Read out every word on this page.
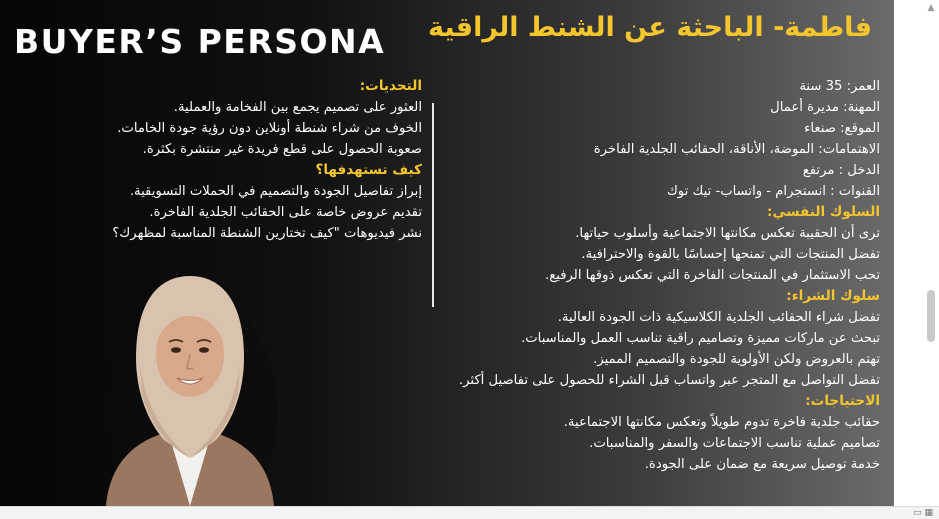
BUYER’S PERSONA فاطمة- الباحثة عن الشنط الراقية
التحديات:
العثور على تصميم يجمع بين الفخامة والعملية.
الخوف من شراء شنطة أونلاين دون رؤية جودة الخامات.
صعوبة الحصول على قطع فريدة غير منتشرة بكثرة.
كيف تستهدفها؟
إبراز تفاصيل الجودة والتصميم في الحملات التسويقية.
تقديم عروض خاصة على الحقائب الجلدية الفاخرة.
نشر فيديوهات "كيف تختارين الشنطة المناسبة لمظهرك؟
العمر: 35 سنة
المهنة: مديرة أعمال
الموقع: صنعاء
الاهتمامات: الموضة، الأناقة، الحقائب الجلدية الفاخرة
الدخل : مرتفع
القنوات : انستجرام - واتساب- تيك توك
السلوك النفسي:
ترى أن الحقيبة تعكس مكانتها الاجتماعية وأسلوب حياتها.
تفضل المنتجات التي تمنحها إحساسًا بالقوة والاحترافية.
تحب الاستثمار في المنتجات الفاخرة التي تعكس ذوقها الرفيع.
سلوك الشراء:
تفضل شراء الحقائب الجلدية الكلاسيكية ذات الجودة العالية.
تبحث عن ماركات مميزة وتصاميم راقية تناسب العمل والمناسبات.
تهتم بالعروض ولكن الأولوية للجودة والتصميم المميز.
تفضل التواصل مع المتجر عبر واتساب قبل الشراء للحصول على تفاصيل أكثر.
الاحتياجات:
حقائب جلدية فاخرة تدوم طويلاً وتعكس مكانتها الاجتماعية.
تصاميم عملية تناسب الاجتماعات والسفر والمناسبات.
خدمة توصيل سريعة مع ضمان على الجودة.
▲
▭ ▦
